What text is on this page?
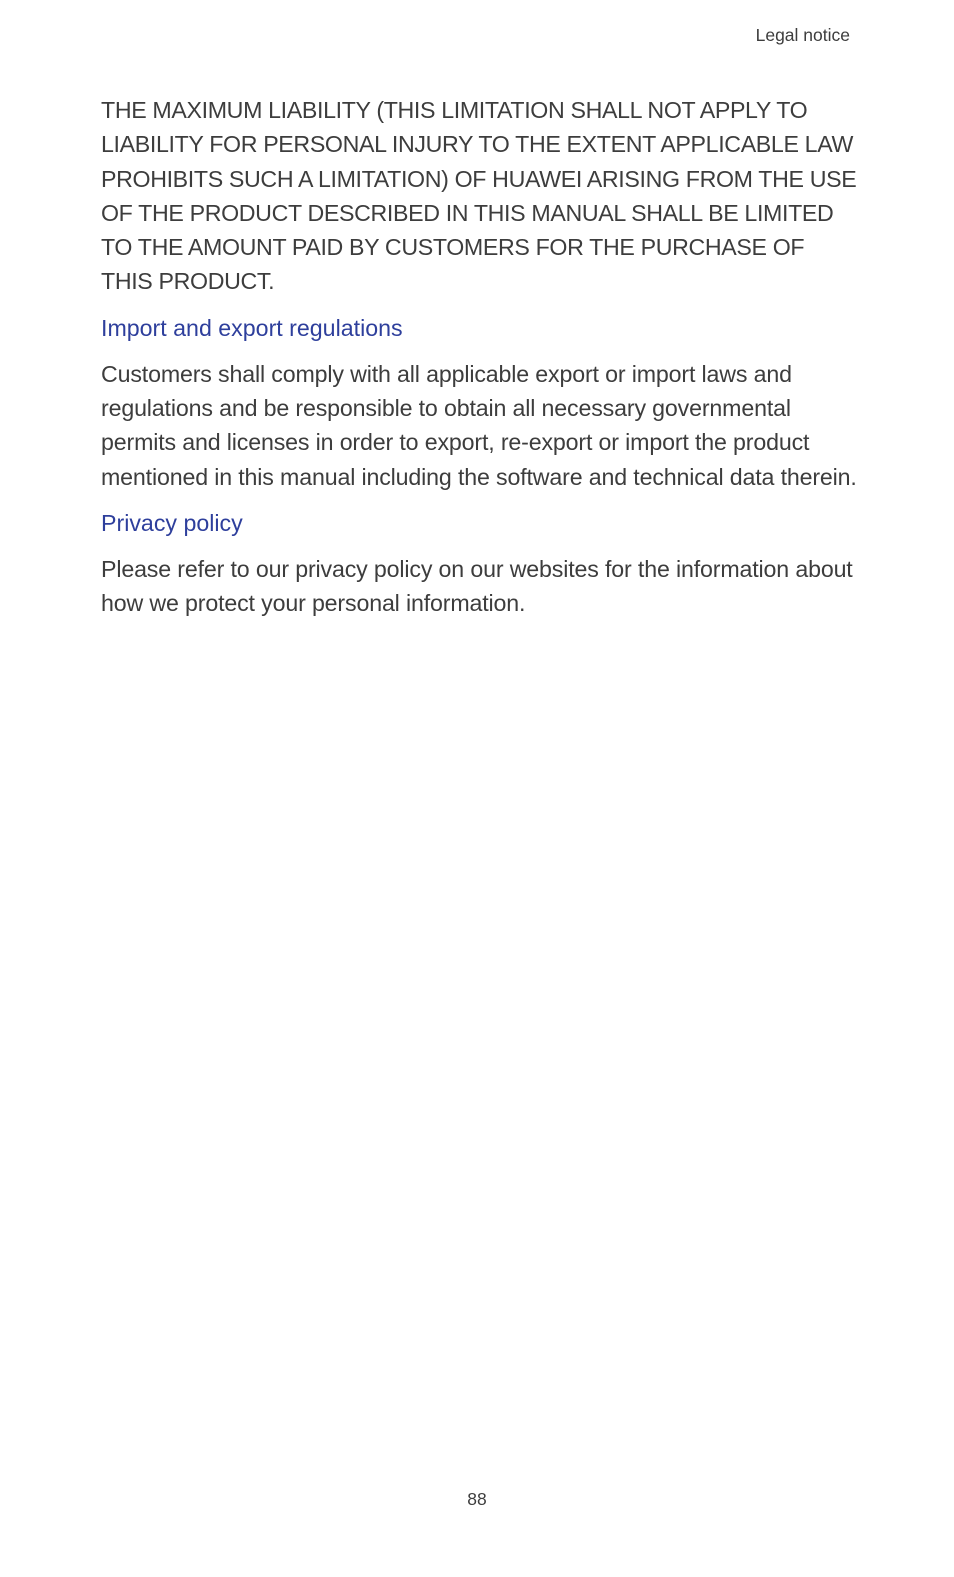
Legal notice

THE MAXIMUM LIABILITY (THIS LIMITATION SHALL NOT APPLY TO LIABILITY FOR PERSONAL INJURY TO THE EXTENT APPLICABLE LAW PROHIBITS SUCH A LIMITATION) OF HUAWEI ARISING FROM THE USE OF THE PRODUCT DESCRIBED IN THIS MANUAL SHALL BE LIMITED TO THE AMOUNT PAID BY CUSTOMERS FOR THE PURCHASE OF THIS PRODUCT.

Import and export regulations

Customers shall comply with all applicable export or import laws and regulations and be responsible to obtain all necessary governmental permits and licenses in order to export, re-export or import the product mentioned in this manual including the software and technical data therein.

Privacy policy

Please refer to our privacy policy on our websites for the information about how we protect your personal information.

88
